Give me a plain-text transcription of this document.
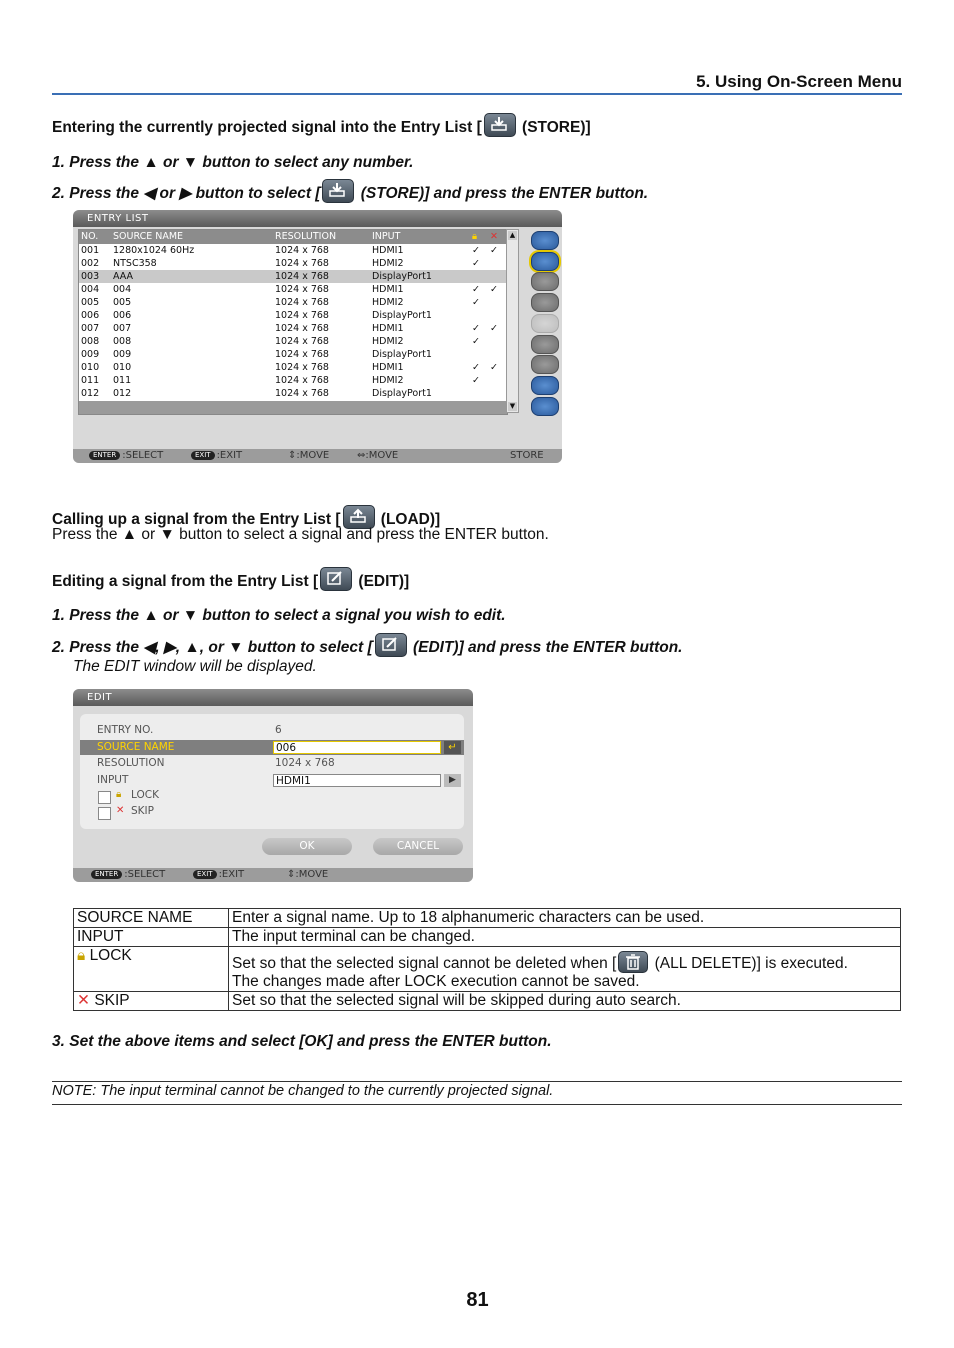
5. Using On-Screen Menu
Entering the currently projected signal into the Entry List [
(STORE)]
1. Press the ▲ or ▼ button to select any number.
2. Press the ◀ or ▶ button to select [
(STORE)] and press the ENTER button.
ENTRY LIST
NO. SOURCE NAME	RESOLUTION	INPUT	🔒︎ ✕
001 1280x1024 60Hz	1024 x 768	HDMI1	✓ ✓
002 NTSC358	1024 x 768	HDMI2	✓
003 AAA	1024 x 768	DisplayPort1
004 004	1024 x 768	HDMI1	✓ ✓
005 005	1024 x 768	HDMI2	✓
006 006	1024 x 768	DisplayPort1
007 007	1024 x 768	HDMI1	✓ ✓
008 008	1024 x 768	HDMI2	✓
009 009	1024 x 768	DisplayPort1
010 010	1024 x 768	HDMI1	✓ ✓
011 011	1024 x 768	HDMI2	✓
012 012	1024 x 768	DisplayPort1
▲
▼
ENTER :SELECT	EXIT :EXIT	⇕:MOVE	⇔:MOVE	STORE
Calling up a signal from the Entry List [
(LOAD)]
Press the ▲ or ▼ button to select a signal and press the ENTER button.
Editing a signal from the Entry List [
(EDIT)]
1. Press the ▲ or ▼ button to select a signal you wish to edit.
2. Press the ◀, ▶, ▲, or ▼ button to select [
(EDIT)] and press the ENTER button.
The EDIT window will be displayed.
EDIT
ENTRY NO.	6
SOURCE NAME	006	↵
RESOLUTION	1024 x 768
INPUT	HDMI1	▶
🔒︎ LOCK
✕ SKIP
OK	CANCEL
ENTER :SELECT	EXIT :EXIT	⇕:MOVE
SOURCE NAME	Enter a signal name. Up to 18 alphanumeric characters can be used.
INPUT	The input terminal can be changed.
🔒︎ LOCK	Set so that the selected signal cannot be deleted when [
(ALL DELETE)] is executed.
The changes made after LOCK execution cannot be saved.
✕ SKIP	Set so that the selected signal will be skipped during auto search.
3. Set the above items and select [OK] and press the ENTER button.
NOTE: The input terminal cannot be changed to the currently projected signal.
81
